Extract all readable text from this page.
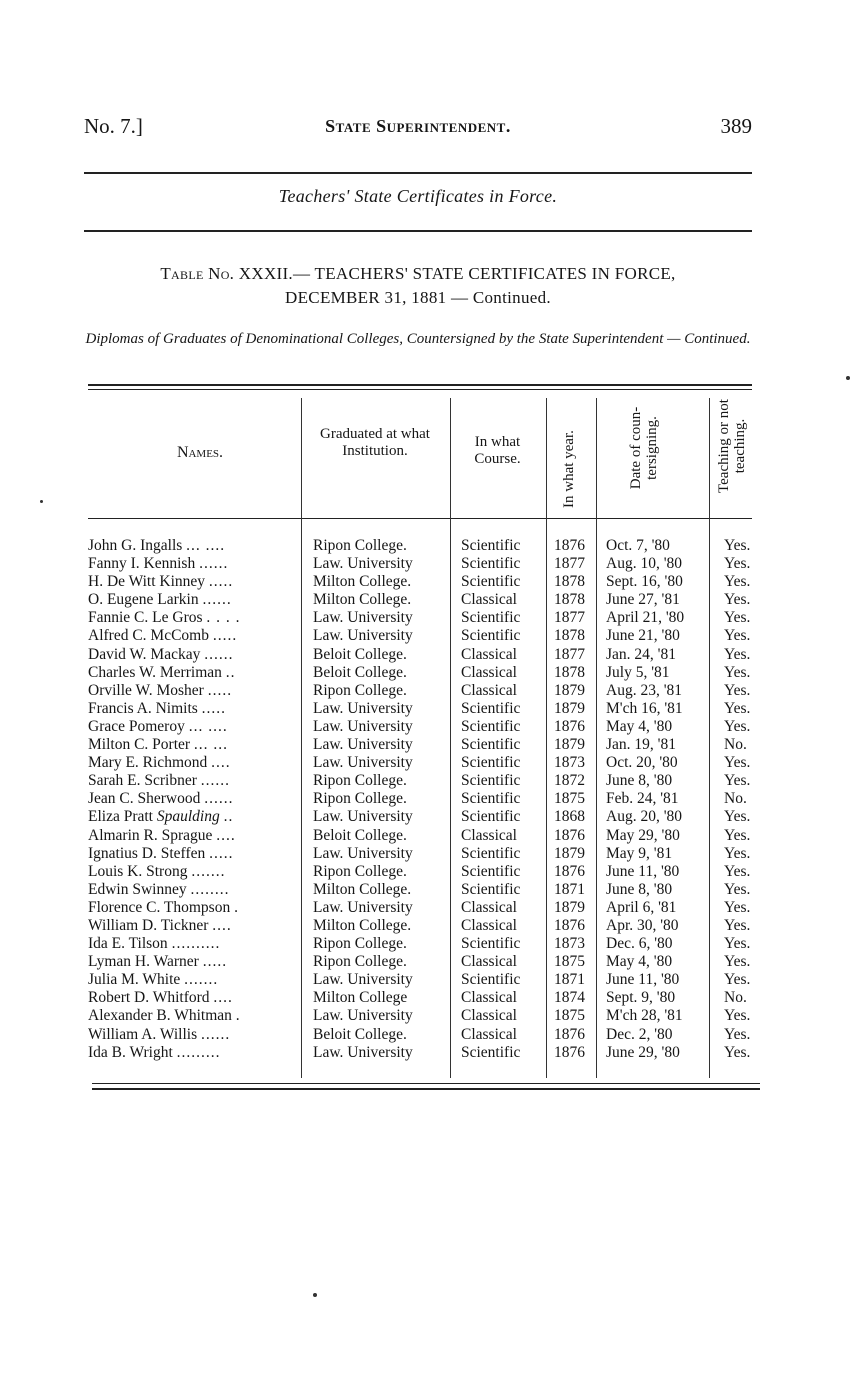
No. 7.]	State Superintendent.	389
Teachers' State Certificates in Force.
Table No. XXXII.— TEACHERS' STATE CERTIFICATES IN FORCE,
DECEMBER 31, 1881 — Continued.
Diplomas of Graduates of Denominational Colleges, Countersigned by the State Superintendent — Continued.
Names.
Graduated at what Institution.
In what Course.	In what year.	Date of coun- tersigning.	Teaching or not teaching.
John G. Ingalls ... ....	Ripon College.	Scientific 1876 Oct. 7, '80	Yes.
Fanny I. Kennish ......	Law. University	Scientific 1877 Aug. 10, '80	Yes.
H. De Witt Kinney .....	Milton College.	Scientific 1878 Sept. 16, '80	Yes.
O. Eugene Larkin ......	Milton College.	Classical 1878 June 27, '81	Yes.
Fannie C. Le Gros . . . .	Law. University	Scientific 1877 April 21, '80	Yes.
Alfred C. McComb .....	Law. University	Scientific 1878 June 21, '80	Yes.
David W. Mackay ......	Beloit College.	Classical 1877 Jan. 24, '81	Yes.
Charles W. Merriman ..	Beloit College.	Classical 1878 July 5, '81	Yes.
Orville W. Mosher .....	Ripon College.	Classical 1879 Aug. 23, '81	Yes.
Francis A. Nimits .....	Law. University	Scientific 1879 M'ch 16, '81	Yes.
Grace Pomeroy ... ....	Law. University	Scientific 1876 May 4, '80	Yes.
Milton C. Porter ... ...	Law. University	Scientific 1879 Jan. 19, '81	No.
Mary E. Richmond ....	Law. University	Scientific 1873 Oct. 20, '80	Yes.
Sarah E. Scribner ......	Ripon College.	Scientific 1872 June 8, '80	Yes.
Jean C. Sherwood ......	Ripon College.	Scientific 1875 Feb. 24, '81	No.
Eliza Pratt Spaulding ..	Law. University	Scientific 1868 Aug. 20, '80	Yes.
Almarin R. Sprague ....	Beloit College.	Classical 1876 May 29, '80	Yes.
Ignatius D. Steffen .....	Law. University	Scientific 1879 May 9, '81	Yes.
Louis K. Strong .......	Ripon College.	Scientific 1876 June 11, '80	Yes.
Edwin Swinney ........	Milton College.	Scientific 1871 June 8, '80	Yes.
Florence C. Thompson .	Law. University	Classical 1879 April 6, '81	Yes.
William D. Tickner ....	Milton College.	Classical 1876 Apr. 30, '80	Yes.
Ida E. Tilson ..........	Ripon College.	Scientific 1873 Dec. 6, '80	Yes.
Lyman H. Warner .....	Ripon College.	Classical 1875 May 4, '80	Yes.
Julia M. White .......	Law. University	Scientific 1871 June 11, '80	Yes.
Robert D. Whitford ....	Milton College	Classical 1874 Sept. 9, '80	No.
Alexander B. Whitman .	Law. University	Classical 1875 M'ch 28, '81	Yes.
William A. Willis ......	Beloit College.	Classical 1876 Dec. 2, '80	Yes.
Ida B. Wright .........	Law. University	Scientific 1876 June 29, '80	Yes.
